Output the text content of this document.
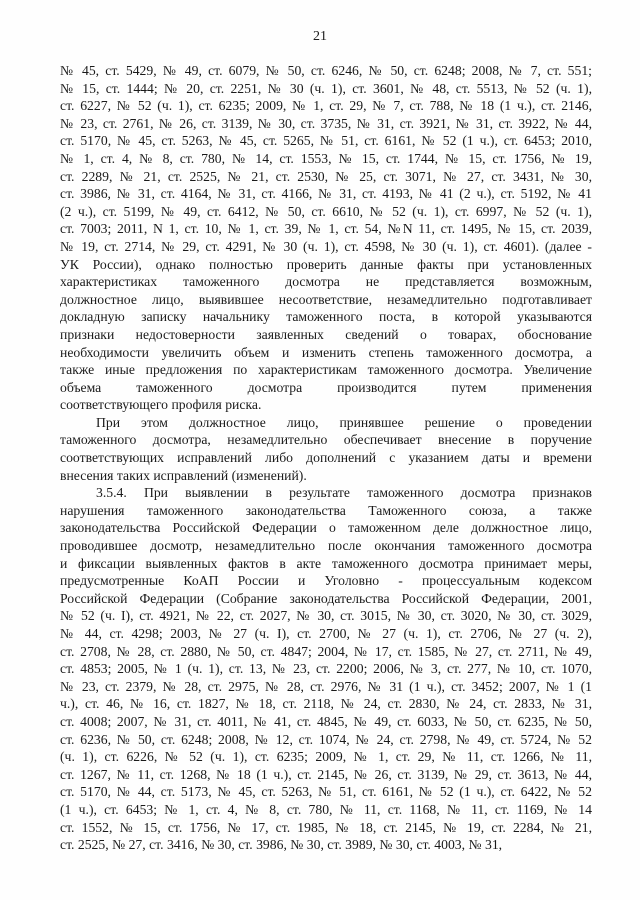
21
№ 45, ст. 5429, № 49, ст. 6079, № 50, ст. 6246, № 50, ст. 6248; 2008, № 7, ст. 551;
№ 15, ст. 1444; № 20, ст. 2251, № 30 (ч. 1), ст. 3601, № 48, ст. 5513, № 52 (ч. 1),
ст. 6227, № 52 (ч. 1), ст. 6235; 2009, № 1, ст. 29, № 7, ст. 788, № 18 (1 ч.), ст. 2146,
№ 23, ст. 2761, № 26, ст. 3139, № 30, ст. 3735, № 31, ст. 3921, № 31, ст. 3922, № 44,
ст. 5170, № 45, ст. 5263, № 45, ст. 5265, № 51, ст. 6161, № 52 (1 ч.), ст. 6453; 2010,
№ 1, ст. 4, № 8, ст. 780, № 14, ст. 1553, № 15, ст. 1744, № 15, ст. 1756, № 19,
ст. 2289, № 21, ст. 2525, № 21, ст. 2530, № 25, ст. 3071, № 27, ст. 3431, № 30,
ст. 3986, № 31, ст. 4164, № 31, ст. 4166, № 31, ст. 4193, № 41 (2 ч.), ст. 5192, № 41
(2 ч.), ст. 5199, № 49, ст. 6412, № 50, ст. 6610, № 52 (ч. 1), ст. 6997, № 52 (ч. 1),
ст. 7003; 2011, N 1, ст. 10, № 1, ст. 39, № 1, ст. 54, №N 11, ст. 1495, № 15, ст. 2039,
№ 19, ст. 2714, № 29, ст. 4291, № 30 (ч. 1), ст. 4598, № 30 (ч. 1), ст. 4601). (далее -
УК России), однако полностью проверить данные факты при установленных
характеристиках таможенного досмотра не представляется возможным,
должностное лицо, выявившее несоответствие, незамедлительно подготавливает
докладную записку начальнику таможенного поста, в которой указываются
признаки недостоверности заявленных сведений о товарах, обоснование
необходимости увеличить объем и изменить степень таможенного досмотра, а
также иные предложения по характеристикам таможенного досмотра. Увеличение
объема таможенного досмотра производится путем применения
соответствующего профиля риска.
При этом должностное лицо, принявшее решение о проведении
таможенного досмотра, незамедлительно обеспечивает внесение в поручение
соответствующих исправлений либо дополнений с указанием даты и времени
внесения таких исправлений (изменений).
3.5.4. При выявлении в результате таможенного досмотра признаков
нарушения таможенного законодательства Таможенного союза, а также
законодательства Российской Федерации о таможенном деле должностное лицо,
проводившее досмотр, незамедлительно после окончания таможенного досмотра
и фиксации выявленных фактов в акте таможенного досмотра принимает меры,
предусмотренные КоАП России и Уголовно - процессуальным кодексом
Российской Федерации (Собрание законодательства Российской Федерации, 2001,
№ 52 (ч. I), ст. 4921, № 22, ст. 2027, № 30, ст. 3015, № 30, ст. 3020, № 30, ст. 3029,
№ 44, ст. 4298; 2003, № 27 (ч. I), ст. 2700, № 27 (ч. 1), ст. 2706, № 27 (ч. 2),
ст. 2708, № 28, ст. 2880, № 50, ст. 4847; 2004, № 17, ст. 1585, № 27, ст. 2711, № 49,
ст. 4853; 2005, № 1 (ч. 1), ст. 13, № 23, ст. 2200; 2006, № 3, ст. 277, № 10, ст. 1070,
№ 23, ст. 2379, № 28, ст. 2975, № 28, ст. 2976, № 31 (1 ч.), ст. 3452; 2007, № 1 (1
ч.), ст. 46, № 16, ст. 1827, № 18, ст. 2118, № 24, ст. 2830, № 24, ст. 2833, № 31,
ст. 4008; 2007, № 31, ст. 4011, № 41, ст. 4845, № 49, ст. 6033, № 50, ст. 6235, № 50,
ст. 6236, № 50, ст. 6248; 2008, № 12, ст. 1074, № 24, ст. 2798, № 49, ст. 5724, № 52
(ч. 1), ст. 6226, № 52 (ч. 1), ст. 6235; 2009, № 1, ст. 29, № 11, ст. 1266, № 11,
ст. 1267, № 11, ст. 1268, № 18 (1 ч.), ст. 2145, № 26, ст. 3139, № 29, ст. 3613, № 44,
ст. 5170, № 44, ст. 5173, № 45, ст. 5263, № 51, ст. 6161, № 52 (1 ч.), ст. 6422, № 52
(1 ч.), ст. 6453; № 1, ст. 4, № 8, ст. 780, № 11, ст. 1168, № 11, ст. 1169, № 14
ст. 1552, № 15, ст. 1756, № 17, ст. 1985, № 18, ст. 2145, № 19, ст. 2284, № 21,
ст. 2525, № 27, ст. 3416, № 30, ст. 3986, № 30, ст. 3989, № 30, ст. 4003, № 31,
